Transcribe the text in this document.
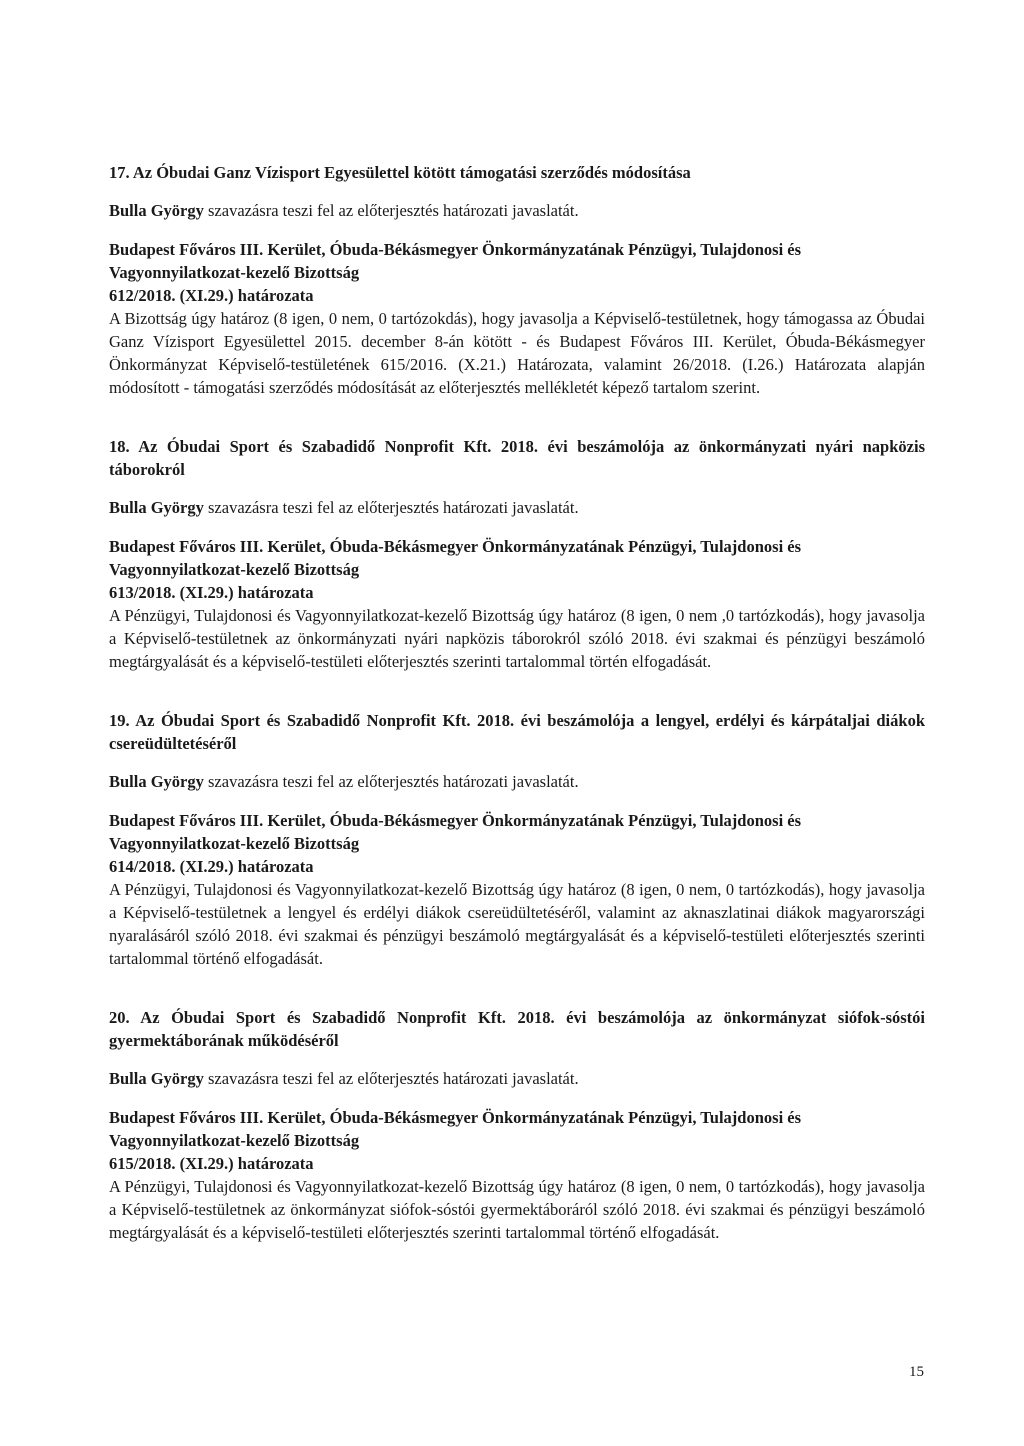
17. Az Óbudai Ganz Vízisport Egyesülettel kötött támogatási szerződés módosítása

Bulla György szavazásra teszi fel az előterjesztés határozati javaslatát.

Budapest Főváros III. Kerület, Óbuda-Békásmegyer Önkormányzatának Pénzügyi, Tulajdonosi és Vagyonnyilatkozat-kezelő Bizottság

612/2018. (XI.29.) határozata

A Bizottság úgy határoz (8 igen, 0 nem, 0 tartózokdás), hogy javasolja a Képviselő-testületnek, hogy támogassa az Óbudai Ganz Vízisport Egyesülettel 2015. december 8-án kötött - és Budapest Főváros III. Kerület, Óbuda-Békásmegyer Önkormányzat Képviselő-testületének 615/2016. (X.21.) Határozata, valamint 26/2018. (I.26.) Határozata alapján módosított - támogatási szerződés módosítását az előterjesztés mellékletét képező tartalom szerint.

18. Az Óbudai Sport és Szabadidő Nonprofit Kft. 2018. évi beszámolója az önkormányzati nyári napközis táborokról

Bulla György szavazásra teszi fel az előterjesztés határozati javaslatát.

Budapest Főváros III. Kerület, Óbuda-Békásmegyer Önkormányzatának Pénzügyi, Tulajdonosi és Vagyonnyilatkozat-kezelő Bizottság

613/2018. (XI.29.) határozata

A Pénzügyi, Tulajdonosi és Vagyonnyilatkozat-kezelő Bizottság úgy határoz (8 igen, 0 nem ,0 tartózkodás), hogy javasolja a Képviselő-testületnek az önkormányzati nyári napközis táborokról szóló 2018. évi szakmai és pénzügyi beszámoló megtárgyalását és a képviselő-testületi előterjesztés szerinti tartalommal történ elfogadását.

19. Az Óbudai Sport és Szabadidő Nonprofit Kft. 2018. évi beszámolója a lengyel, erdélyi és kárpátaljai diákok cserеüdültetéséről

Bulla György szavazásra teszi fel az előterjesztés határozati javaslatát.

Budapest Főváros III. Kerület, Óbuda-Békásmegyer Önkormányzatának Pénzügyi, Tulajdonosi és Vagyonnyilatkozat-kezelő Bizottság

614/2018. (XI.29.) határozata

A Pénzügyi, Tulajdonosi és Vagyonnyilatkozat-kezelő Bizottság úgy határoz (8 igen, 0 nem, 0 tartózkodás), hogy javasolja a Képviselő-testületnek a lengyel és erdélyi diákok csereüdültetéséről, valamint az aknaszlatinai diákok magyarországi nyaralásáról szóló 2018. évi szakmai és pénzügyi beszámoló megtárgyalását és a képviselő-testületi előterjesztés szerinti tartalommal történő elfogadását.

20. Az Óbudai Sport és Szabadidő Nonprofit Kft. 2018. évi beszámolója az önkormányzat siófok-sóstói gyermektáborának működéséről

Bulla György szavazásra teszi fel az előterjesztés határozati javaslatát.

Budapest Főváros III. Kerület, Óbuda-Békásmegyer Önkormányzatának Pénzügyi, Tulajdonosi és Vagyonnyilatkozat-kezelő Bizottság

615/2018. (XI.29.) határozata

A Pénzügyi, Tulajdonosi és Vagyonnyilatkozat-kezelő Bizottság úgy határoz (8 igen, 0 nem, 0 tartózkodás), hogy javasolja a Képviselő-testületnek az önkormányzat siófok-sóstói gyermektáboráról szóló 2018. évi szakmai és pénzügyi beszámoló megtárgyalását és a képviselő-testületi előterjesztés szerinti tartalommal történő elfogadását.

15
